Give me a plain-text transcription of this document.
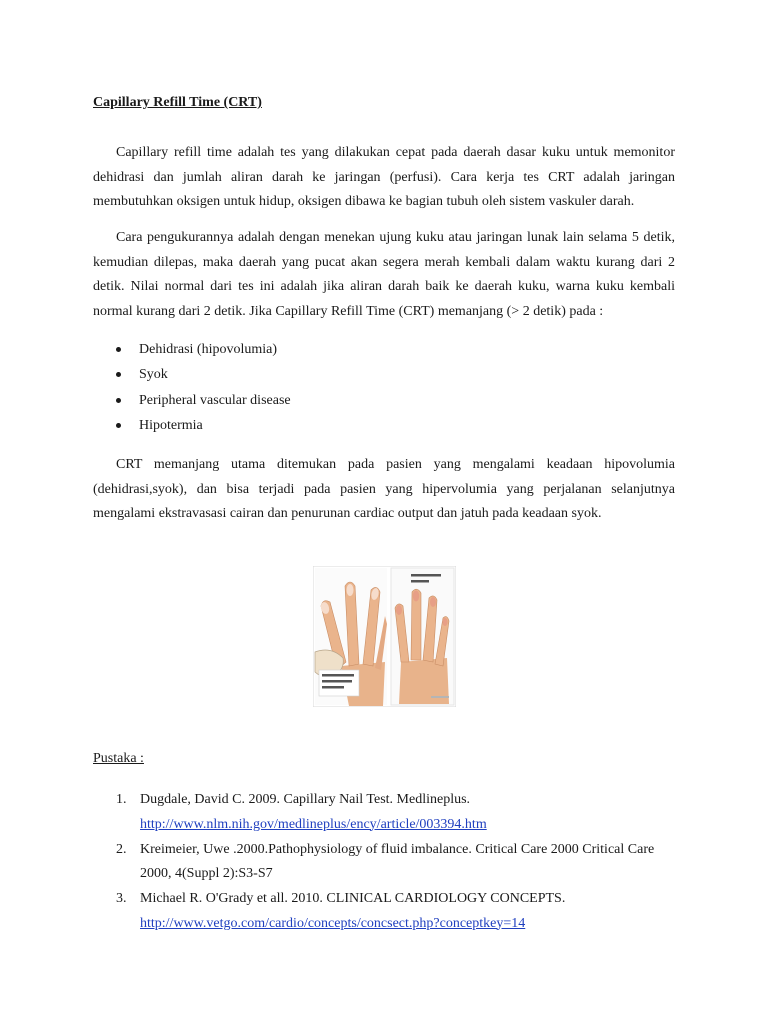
Capillary Refill Time (CRT)

Capillary refill time adalah tes yang dilakukan cepat pada daerah dasar kuku untuk memonitor dehidrasi dan jumlah aliran darah ke jaringan (perfusi). Cara kerja tes CRT adalah jaringan membutuhkan oksigen untuk hidup, oksigen dibawa ke bagian tubuh oleh sistem vaskuler darah.

Cara pengukurannya adalah dengan menekan ujung kuku atau jaringan lunak lain selama 5 detik, kemudian dilepas, maka daerah yang pucat akan segera merah kembali dalam waktu kurang dari 2 detik. Nilai normal dari tes ini adalah jika aliran darah baik ke daerah kuku, warna kuku kembali normal kurang dari 2 detik. Jika Capillary Refill Time (CRT) memanjang (> 2 detik) pada :

Dehidrasi (hipovolumia)
Syok
Peripheral vascular disease
Hipotermia

CRT memanjang utama ditemukan pada pasien yang mengalami keadaan hipovolumia (dehidrasi,syok), dan bisa terjadi pada pasien yang hipervolumia yang perjalanan selanjutnya mengalami ekstravasasi cairan dan penurunan cardiac output dan jatuh pada keadaan syok.

Pustaka :

1. Dugdale, David C. 2009. Capillary Nail Test. Medlineplus.
http://www.nlm.nih.gov/medlineplus/ency/article/003394.htm
2. Kreimeier, Uwe .2000.Pathophysiology of fluid imbalance. Critical Care 2000 Critical Care 2000, 4(Suppl 2):S3-S7
3. Michael R. O'Grady et all. 2010. CLINICAL CARDIOLOGY CONCEPTS.
http://www.vetgo.com/cardio/concepts/concsect.php?conceptkey=14
